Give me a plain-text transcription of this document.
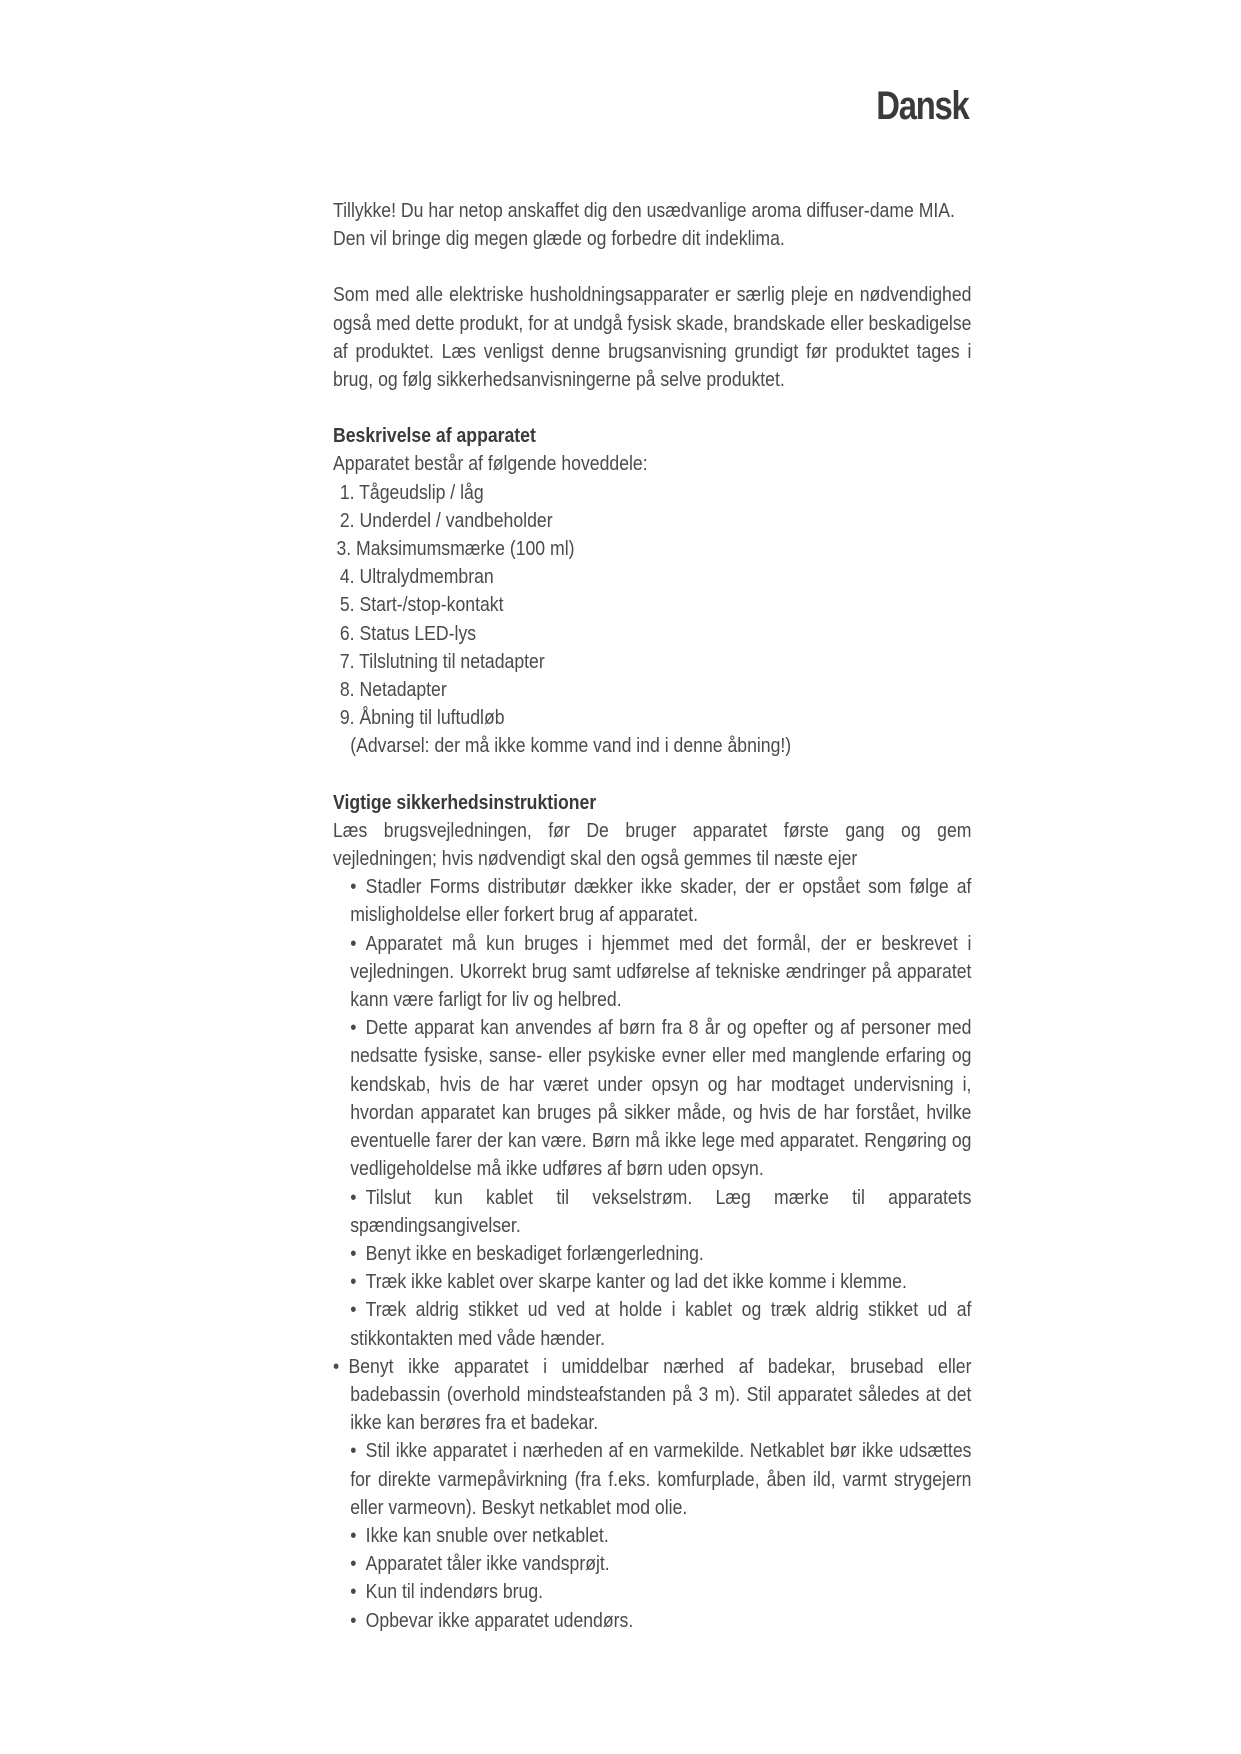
Dansk

Tillykke! Du har netop anskaffet dig den usædvanlige aroma diffuser-dame MIA. Den vil bringe dig megen glæde og forbedre dit indeklima.

Som med alle elektriske husholdningsapparater er særlig pleje en nødvendighed også med dette produkt, for at undgå fysisk skade, brandskade eller beskadigelse af produktet. Læs venligst denne brugsanvisning grundigt før produktet tages i brug, og følg sikkerhedsanvisningerne på selve produktet.

Beskrivelse af apparatet

Apparatet består af følgende hoveddele:

1. Tågeudslip / låg
2. Underdel / vandbeholder
3. Maksimumsmærke (100 ml)
4. Ultralydmembran
5. Start-/stop-kontakt
6. Status LED-lys
7. Tilslutning til netadapter
8. Netadapter
9. Åbning til luftudløb

(Advarsel: der må ikke komme vand ind i denne åbning!)

Vigtige sikkerhedsinstruktioner

Læs brugsvejledningen, før De bruger apparatet første gang og gem vejledningen; hvis nødvendigt skal den også gemmes til næste ejer

• Stadler Forms distributør dækker ikke skader, der er opstået som følge af misligholdelse eller forkert brug af apparatet.
• Apparatet må kun bruges i hjemmet med det formål, der er beskrevet i vejledningen. Ukorrekt brug samt udførelse af tekniske ændringer på apparatet kann være farligt for liv og helbred.
• Dette apparat kan anvendes af børn fra 8 år og opefter og af personer med nedsatte fysiske, sanse- eller psykiske evner eller med manglende erfaring og kendskab, hvis de har været under opsyn og har modtaget undervisning i, hvordan apparatet kan bruges på sikker måde, og hvis de har forstået, hvilke eventuelle farer der kan være. Børn må ikke lege med apparatet. Rengøring og vedligeholdelse må ikke udføres af børn uden opsyn.
• Tilslut kun kablet til vekselstrøm. Læg mærke til apparatets spændingsangivelser.
• Benyt ikke en beskadiget forlængerledning.
• Træk ikke kablet over skarpe kanter og lad det ikke komme i klemme.
• Træk aldrig stikket ud ved at holde i kablet og træk aldrig stikket ud af stikkontakten med våde hænder.
• Benyt ikke apparatet i umiddelbar nærhed af badekar, brusebad eller badebassin (overhold mindsteafstanden på 3 m). Stil apparatet således at det ikke kan berøres fra et badekar.
• Stil ikke apparatet i nærheden af en varmekilde. Netkablet bør ikke udsættes for direkte varmepåvirkning (fra f.eks. komfurplade, åben ild, varmt strygejern eller varmeovn). Beskyt netkablet mod olie.
• Ikke kan snuble over netkablet.
• Apparatet tåler ikke vandsprøjt.
• Kun til indendørs brug.
• Opbevar ikke apparatet udendørs.
